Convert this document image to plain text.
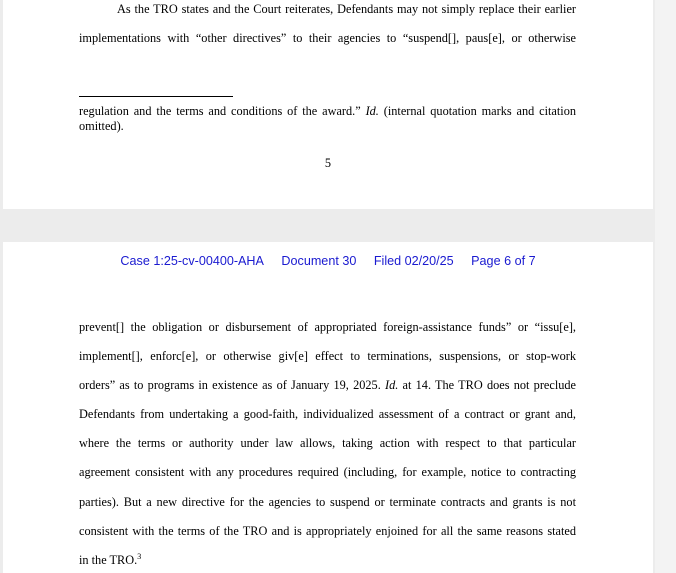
As the TRO states and the Court reiterates, Defendants may not simply replace their earlier
implementations with “other directives” to their agencies to “suspend[], paus[e], or otherwise
regulation and the terms and conditions of the award.” Id. (internal quotation marks and citation
omitted).
5
Case 1:25-cv-00400-AHA Document 30 Filed 02/20/25 Page 6 of 7
prevent[] the obligation or disbursement of appropriated foreign-assistance funds” or “issu[e],
implement[], enforc[e], or otherwise giv[e] effect to terminations, suspensions, or stop-work
orders” as to programs in existence as of January 19, 2025. Id. at 14. The TRO does not preclude
Defendants from undertaking a good-faith, individualized assessment of a contract or grant and,
where the terms or authority under law allows, taking action with respect to that particular
agreement consistent with any procedures required (including, for example, notice to contracting
parties). But a new directive for the agencies to suspend or terminate contracts and grants is not
consistent with the terms of the TRO and is appropriately enjoined for all the same reasons stated
in the TRO.$^3$
